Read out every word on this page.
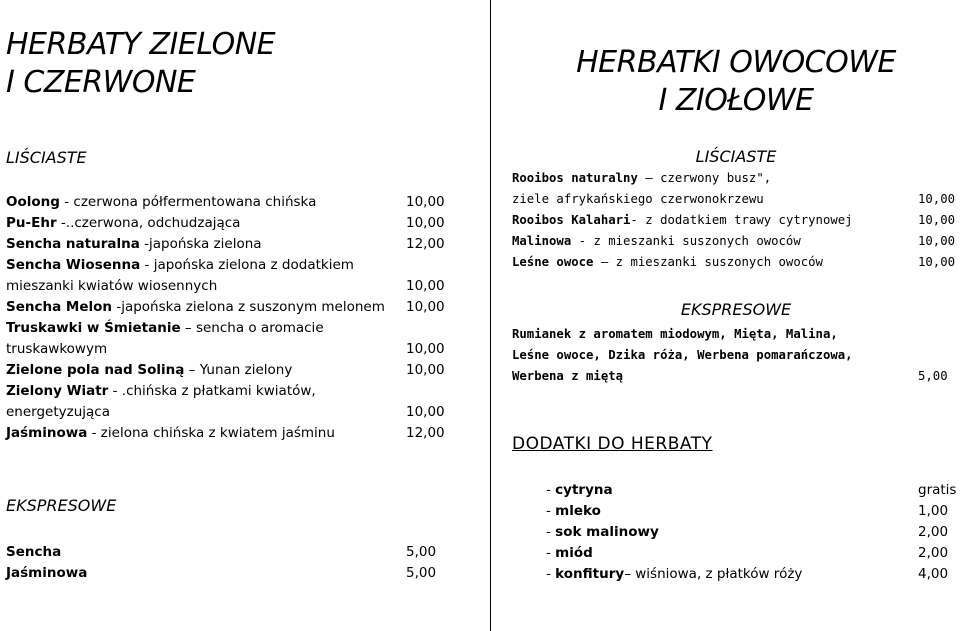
HERBATY ZIELONE
I CZERWONE
LIŚCIASTE
Oolong - czerwona półfermentowana chińska	10,00
Pu-Ehr -..czerwona, odchudzająca	10,00
Sencha naturalna -japońska zielona	12,00
Sencha Wiosenna - japońska zielona z dodatkiem
mieszanki kwiatów wiosennych	10,00
Sencha Melon -japońska zielona z suszonym melonem 10,00
Truskawki w Śmietanie – sencha o aromacie
truskawkowym	10,00
Zielone pola nad Soliną – Yunan zielony	10,00
Zielony Wiatr - .chińska z płatkami kwiatów,
energetyzująca	10,00
Jaśminowa - zielona chińska z kwiatem jaśminu	12,00
EKSPRESOWE
Sencha	5,00
Jaśminowa	5,00
HERBATKI OWOCOWE
I ZIOŁOWE
LIŚCIASTE
Rooibos naturalny – czerwony busz",
ziele afrykańskiego czerwonokrzewu	10,00
Rooibos Kalahari- z dodatkiem trawy cytrynowej	10,00
Malinowa - z mieszanki suszonych owoców	10,00
Leśne owoce – z mieszanki suszonych owoców	10,00
EKSPRESOWE
Rumianek z aromatem miodowym, Mięta, Malina,
Leśne owoce, Dzika róża, Werbena pomarańczowa,
Werbena z miętą	5,00
DODATKI DO HERBATY
- cytryna	gratis
- mleko	1,00
- sok malinowy	2,00
- miód	2,00
- konfitury– wiśniowa, z płatków róży	4,00
